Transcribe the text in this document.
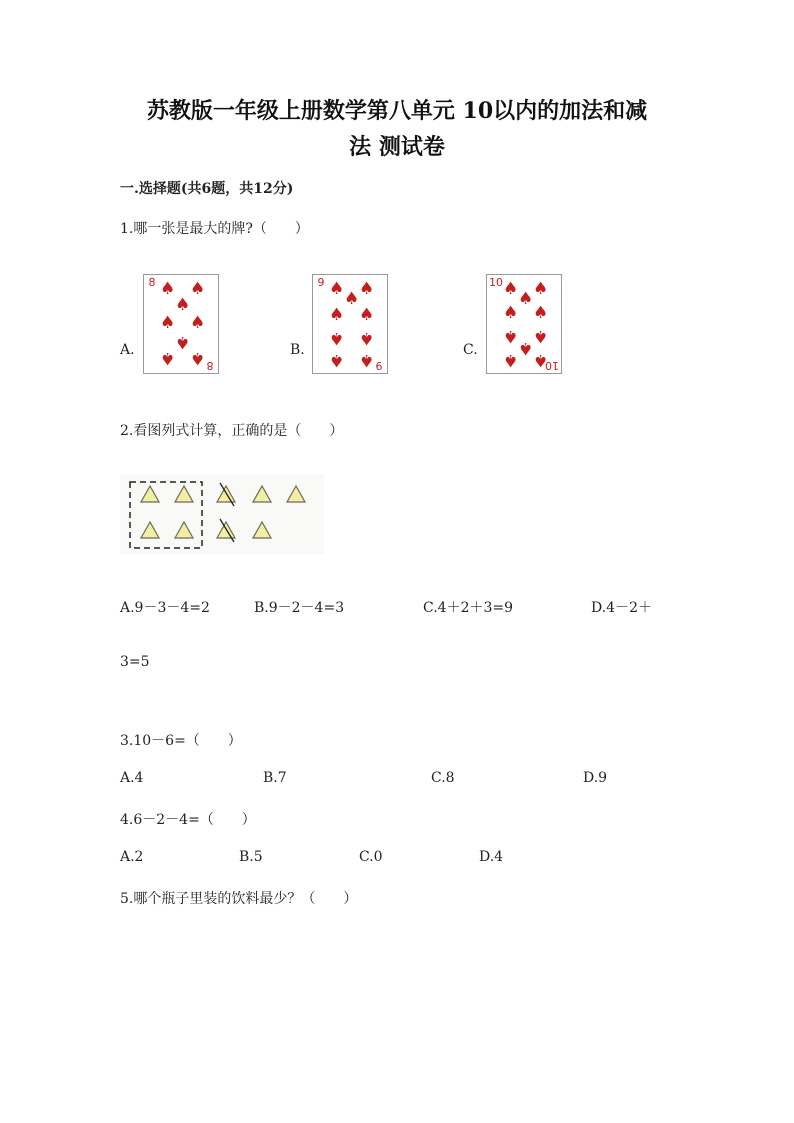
苏教版一年级上册数学第八单元 10以内的加法和减
法 测试卷
一.选择题(共6题，共12分)
1.哪一张是最大的牌?（　　）
A.
8
8
♠ ♠
♠
♠ ♠
♠
♠ ♠	B.
9
9
♠ ♠
♠
♠ ♠
♠ ♠
♠ ♠	C.
10
10
♠ ♠
♠
♠ ♠
♠ ♠
♠
♠ ♠
2.看图列式计算，正确的是（　　）
A.9－3－4=2	B.9－2－4=3	C.4＋2＋3=9	D.4－2＋
3=5
3.10－6=（　　）
A.4	B.7	C.8	D.9
4.6－2－4=（　　）
A.2	B.5	C.0	D.4
5.哪个瓶子里装的饮料最少？（　　）
